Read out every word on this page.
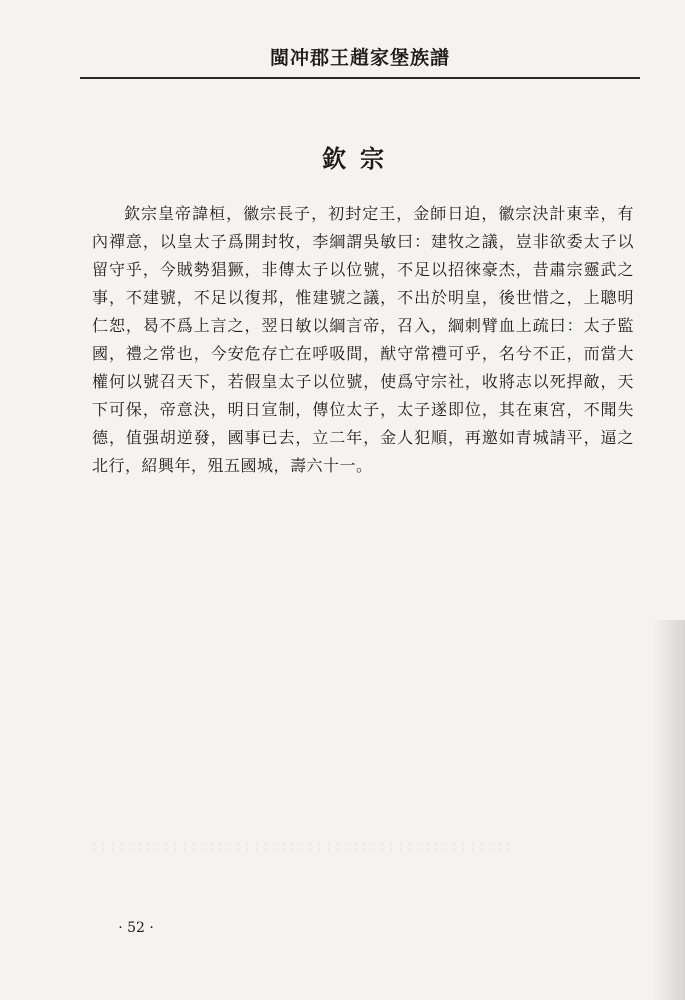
閩冲郡王趙家堡族譜
欽宗

欽宗皇帝諱桓，徽宗長子，初封定王，金師日迫，徽宗決計東幸，有內禪意，以皇太子爲開封牧，李綱謂吳敏曰：建牧之議，豈非欲委太子以留守乎，今賊勢猖獗，非傳太子以位號，不足以招徠豪杰，昔肅宗靈武之事，不建號，不足以復邦，惟建號之議，不出於明皇，後世惜之，上聰明仁恕，曷不爲上言之，翌日敏以綱言帝，召入，綱刺臂血上疏曰：太子監國，禮之常也，今安危存亡在呼吸間，猷守常禮可乎，名兮不正，而當大權何以號召天下，若假皇太子以位號，使爲守宗社，收將志以死捍敵，天下可保，帝意決，明日宣制，傳位太子，太子遂即位，其在東宮，不聞失德，值强胡逆發，國事已去，立二年，金人犯順，再邀如青城請平，逼之北行，紹興年，殂五國城，壽六十一。

· 52 ·
